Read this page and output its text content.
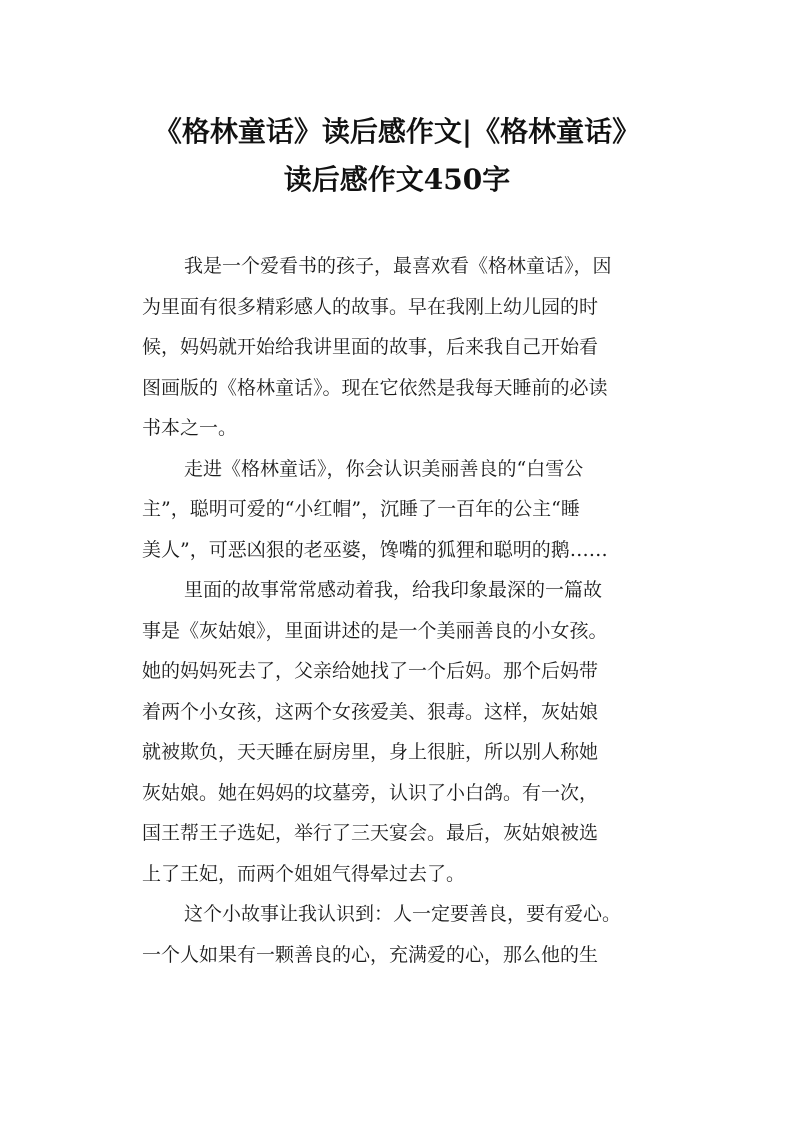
《格林童话》读后感作文|《格林童话》
读后感作文450字
我是一个爱看书的孩子，最喜欢看《格林童话》，因
为里面有很多精彩感人的故事。早在我刚上幼儿园的时
候，妈妈就开始给我讲里面的故事，后来我自己开始看
图画版的《格林童话》。现在它依然是我每天睡前的必读
书本之一。
走进《格林童话》，你会认识美丽善良的“白雪公
主”，聪明可爱的“小红帽”，沉睡了一百年的公主“睡
美人”，可恶凶狠的老巫婆，馋嘴的狐狸和聪明的鹅……
里面的故事常常感动着我，给我印象最深的一篇故
事是《灰姑娘》，里面讲述的是一个美丽善良的小女孩。
她的妈妈死去了，父亲给她找了一个后妈。那个后妈带
着两个小女孩，这两个女孩爱美、狠毒。这样，灰姑娘
就被欺负，天天睡在厨房里，身上很脏，所以别人称她
灰姑娘。她在妈妈的坟墓旁，认识了小白鸽。有一次，
国王帮王子选妃，举行了三天宴会。最后，灰姑娘被选
上了王妃，而两个姐姐气得晕过去了。
这个小故事让我认识到：人一定要善良，要有爱心。
一个人如果有一颗善良的心，充满爱的心，那么他的生
